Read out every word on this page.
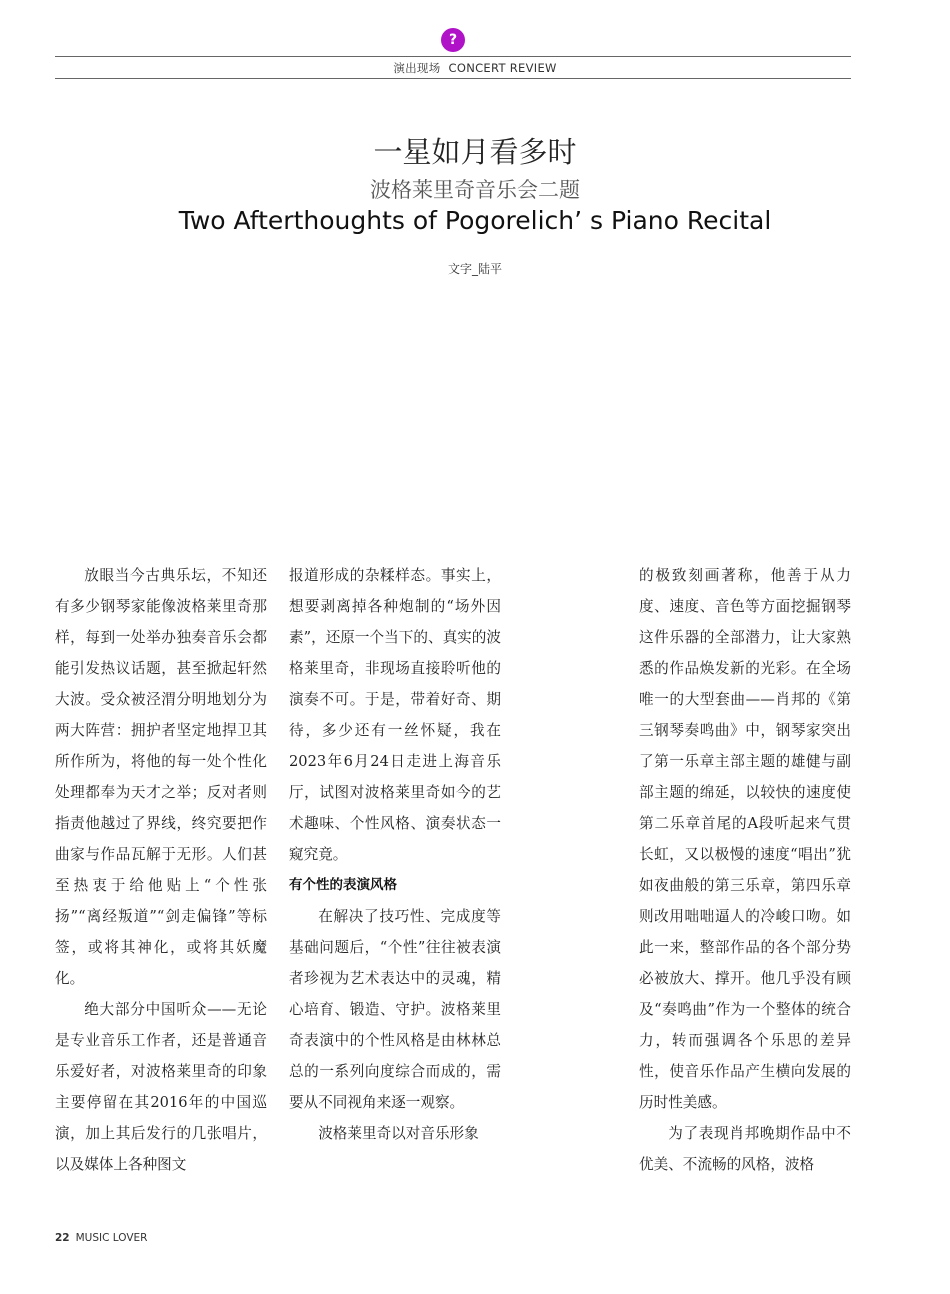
?
演出现场 CONCERT REVIEW
一星如月看多时
波格莱里奇音乐会二题
Two Afterthoughts of Pogorelich’ s Piano Recital
文字_陆平

放眼当今古典乐坛，不知还有多少钢琴家能像波格莱里奇那样，每到一处举办独奏音乐会都能引发热议话题，甚至掀起轩然大波。受众被泾渭分明地划分为两大阵营：拥护者坚定地捍卫其所作所为，将他的每一处个性化处理都奉为天才之举；反对者则指责他越过了界线，终究要把作曲家与作品瓦解于无形。人们甚至热衷于给他贴上“个性张扬”“离经叛道”“剑走偏锋”等标签，或将其神化，或将其妖魔化。

绝大部分中国听众——无论是专业音乐工作者，还是普通音乐爱好者，对波格莱里奇的印象主要停留在其2016年的中国巡演，加上其后发行的几张唱片，以及媒体上各种图文

报道形成的杂糅样态。事实上，想要剥离掉各种炮制的“场外因素”，还原一个当下的、真实的波格莱里奇，非现场直接聆听他的演奏不可。于是，带着好奇、期待，多少还有一丝怀疑，我在2023年6月24日走进上海音乐厅，试图对波格莱里奇如今的艺术趣味、个性风格、演奏状态一窥究竟。

有个性的表演风格

在解决了技巧性、完成度等基础问题后，“个性”往往被表演者珍视为艺术表达中的灵魂，精心培育、锻造、守护。波格莱里奇表演中的个性风格是由林林总总的一系列向度综合而成的，需要从不同视角来逐一观察。

波格莱里奇以对音乐形象

的极致刻画著称，他善于从力度、速度、音色等方面挖掘钢琴这件乐器的全部潜力，让大家熟悉的作品焕发新的光彩。在全场唯一的大型套曲——肖邦的《第三钢琴奏鸣曲》中，钢琴家突出了第一乐章主部主题的雄健与副部主题的绵延，以较快的速度使第二乐章首尾的A段听起来气贯长虹，又以极慢的速度“唱出”犹如夜曲般的第三乐章，第四乐章则改用咄咄逼人的冷峻口吻。如此一来，整部作品的各个部分势必被放大、撑开。他几乎没有顾及“奏鸣曲”作为一个整体的统合力，转而强调各个乐思的差异性，使音乐作品产生横向发展的历时性美感。

为了表现肖邦晚期作品中不优美、不流畅的风格，波格

22 MUSIC LOVER
